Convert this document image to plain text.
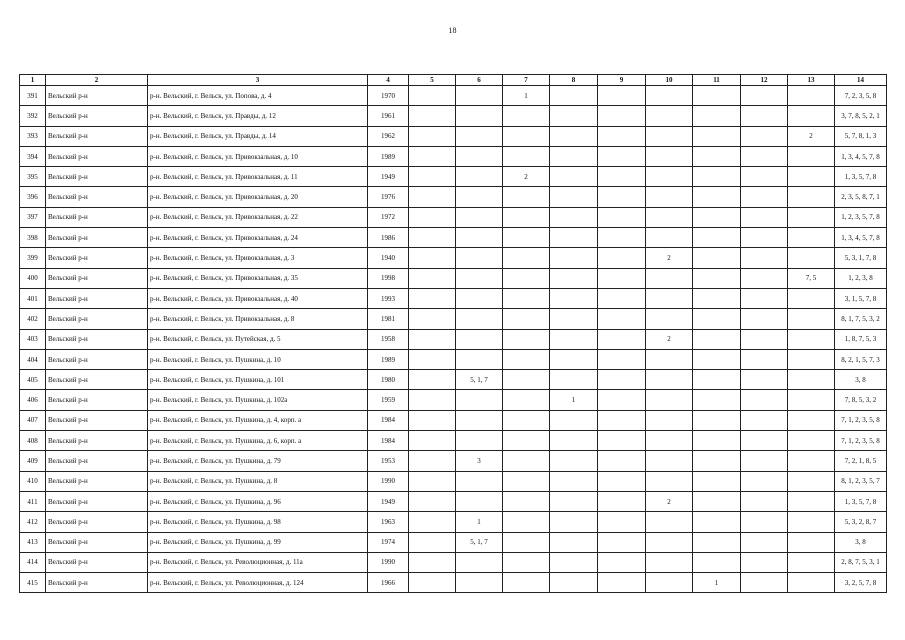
18
1	2	3	4	5	6	7	8	9	10	11	12	13	14
391	Вельский р-н	р-н. Вельский, г. Вельск, ул. Попова, д. 4	1970			1							7, 2, 3, 5, 8
392	Вельский р-н	р-н. Вельский, г. Вельск, ул. Правды, д. 12	1961										3, 7, 8, 5, 2, 1
393	Вельский р-н	р-н. Вельский, г. Вельск, ул. Правды, д. 14	1962									2	5, 7, 8, 1, 3
394	Вельский р-н	р-н. Вельский, г. Вельск, ул. Привокзальная, д. 10	1989										1, 3, 4, 5, 7, 8
395	Вельский р-н	р-н. Вельский, г. Вельск, ул. Привокзальная, д. 11	1949			2							1, 3, 5, 7, 8
396	Вельский р-н	р-н. Вельский, г. Вельск, ул. Привокзальная, д. 20	1976										2, 3, 5, 8, 7, 1
397	Вельский р-н	р-н. Вельский, г. Вельск, ул. Привокзальная, д. 22	1972										1, 2, 3, 5, 7, 8
398	Вельский р-н	р-н. Вельский, г. Вельск, ул. Привокзальная, д. 24	1986										1, 3, 4, 5, 7, 8
399	Вельский р-н	р-н. Вельский, г. Вельск, ул. Привокзальная, д. 3	1940						2				5, 3, 1, 7, 8
400	Вельский р-н	р-н. Вельский, г. Вельск, ул. Привокзальная, д. 35	1998									7, 5	1, 2, 3, 8
401	Вельский р-н	р-н. Вельский, г. Вельск, ул. Привокзальная, д. 40	1993										3, 1, 5, 7, 8
402	Вельский р-н	р-н. Вельский, г. Вельск, ул. Привокзальная, д. 8	1981										8, 1, 7, 5, 3, 2
403	Вельский р-н	р-н. Вельский, г. Вельск, ул. Путейская, д. 5	1958						2				1, 8, 7, 5, 3
404	Вельский р-н	р-н. Вельский, г. Вельск, ул. Пушкина, д. 10	1989										8, 2, 1, 5, 7, 3
405	Вельский р-н	р-н. Вельский, г. Вельск, ул. Пушкина, д. 101	1980		5, 1, 7								3, 8
406	Вельский р-н	р-н. Вельский, г. Вельск, ул. Пушкина, д. 102а	1959				1						7, 8, 5, 3, 2
407	Вельский р-н	р-н. Вельский, г. Вельск, ул. Пушкина, д. 4, корп. а	1984										7, 1, 2, 3, 5, 8
408	Вельский р-н	р-н. Вельский, г. Вельск, ул. Пушкина, д. 6, корп. а	1984										7, 1, 2, 3, 5, 8
409	Вельский р-н	р-н. Вельский, г. Вельск, ул. Пушкина, д. 79	1953		3								7, 2, 1, 8, 5
410	Вельский р-н	р-н. Вельский, г. Вельск, ул. Пушкина, д. 8	1990										8, 1, 2, 3, 5, 7
411	Вельский р-н	р-н. Вельский, г. Вельск, ул. Пушкина, д. 96	1949						2				1, 3, 5, 7, 8
412	Вельский р-н	р-н. Вельский, г. Вельск, ул. Пушкина, д. 98	1963		1								5, 3, 2, 8, 7
413	Вельский р-н	р-н. Вельский, г. Вельск, ул. Пушкина, д. 99	1974		5, 1, 7								3, 8
414	Вельский р-н	р-н. Вельский, г. Вельск, ул. Революционная, д. 11а	1990										2, 8, 7, 5, 3, 1
415	Вельский р-н	р-н. Вельский, г. Вельск, ул. Революционная, д. 124	1966							1			3, 2, 5, 7, 8
